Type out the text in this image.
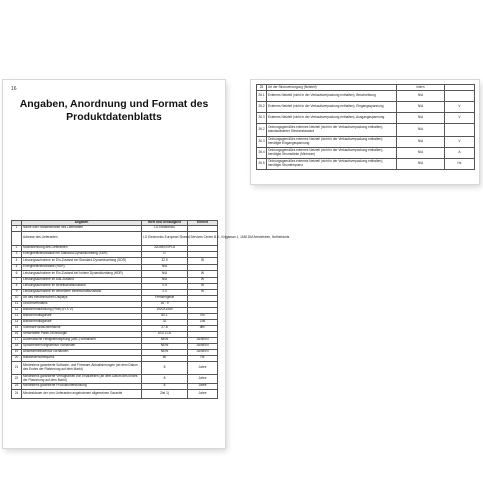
16
Angaben, Anordnung und Format des Produktdatenblatts
	Angaben	Wert und Genauigkeit	Einheit
1	Name oder Handelsmarke des Lieferanten	LG Electronics	
	Adresse des Lieferanten	LG Electronics European Shared Services Center B.V., Krijgsman 1, 1186 DM Amstelveen, Netherlands	
2	Modellkennung des Lieferanten	32LM6370PLA	
3	Energieeffizienzklasse bei Standard-Dynamikumfang (SDR)	G	
4	Leistungsaufnahme im Ein-Zustand bei Standard-Dynamikumfang (SDR)	32.9	W
5	Energieeffizienzklasse (HDR)	N/A	
6	Leistungsaufnahme im Ein-Zustand bei hohem Dynamikumfang (HDR)	N/A	W
7	Leistungsaufnahme im Aus-Zustand	N/A	W
8	Leistungsaufnahme im Bereitschaftszustand	0.5	W
9	Leistungsaufnahme im vernetzten Bereitschaftszustand	2.0	W
10	Art des elektronischen Displays	Fernsehgerät	
11	Größenverhältnis	16 : 9	
12	Bildschirmauflösung (Pixel) (H X V)	1920X1080	
13	Bildschirmdiagonale	80.1	cm
14	Bildschirmdiagonale	32	Zoll
15	Sichtbare Bildschirmfläche	27.8	dm²
16	Verwendete Panel-Technologie	LED LCD	
17	Automatische Helligkeitsregelung (ABC) vorhanden	NEIN	JA/NEIN
18	Spracherkennungssensor vorhanden	NEIN	JA/NEIN
19	Anwesenheitssensor vorhanden	NEIN	JA/NEIN
20	Bildwiederholfrequenz	60	Hz
21	Mindestens garantierte Software- und Firmware-Aktualisierungen (ab dem Datum des Endes der Platzierung auf dem Markt)	8	Jahre
22	Mindestens garantierte Verfügbarkeit von Ersatzteilen (ab dem Datum des Endes der Platzierung auf dem Markt)	8	Jahre
23	Mindestens garantierte Produktunterstützung	8	Jahre
24	Mindestdauer der vom Lieferanten angebotenen allgemeinen Garantie	Ziel 1)	Jahre
25	Art der Stromversorgung (Netzteil)	intern	
26.1	Externes Netzteil (nicht in der Verkaufsverpackung enthalten), Beschreibung	N/A	
26.2	Externes Netzteil (nicht in der Verkaufsverpackung enthalten), Eingangsspannung	N/A	V
26.3	Externes Netzteil (nicht in der Verkaufsverpackung enthalten), Ausgangsspannung	N/A	V
26.2	Ordnungsgemäßes externes Netzteil (nicht in der Verkaufsverpackung enthalten), standardisierter Steckerstandard	N/A	
26.3	Ordnungsgemäßes externes Netzteil (nicht in der Verkaufsverpackung enthalten), benötigte Eingangsspannung	N/A	V
26.4	Ordnungsgemäßes externes Netzteil (nicht in der Verkaufsverpackung enthalten), benötigte Stromstärke (Minimum)	N/A	A
26.5	Ordnungsgemäßes externes Netzteil (nicht in der Verkaufsverpackung enthalten), benötigte Stromfrequenz	N/A	Hz
